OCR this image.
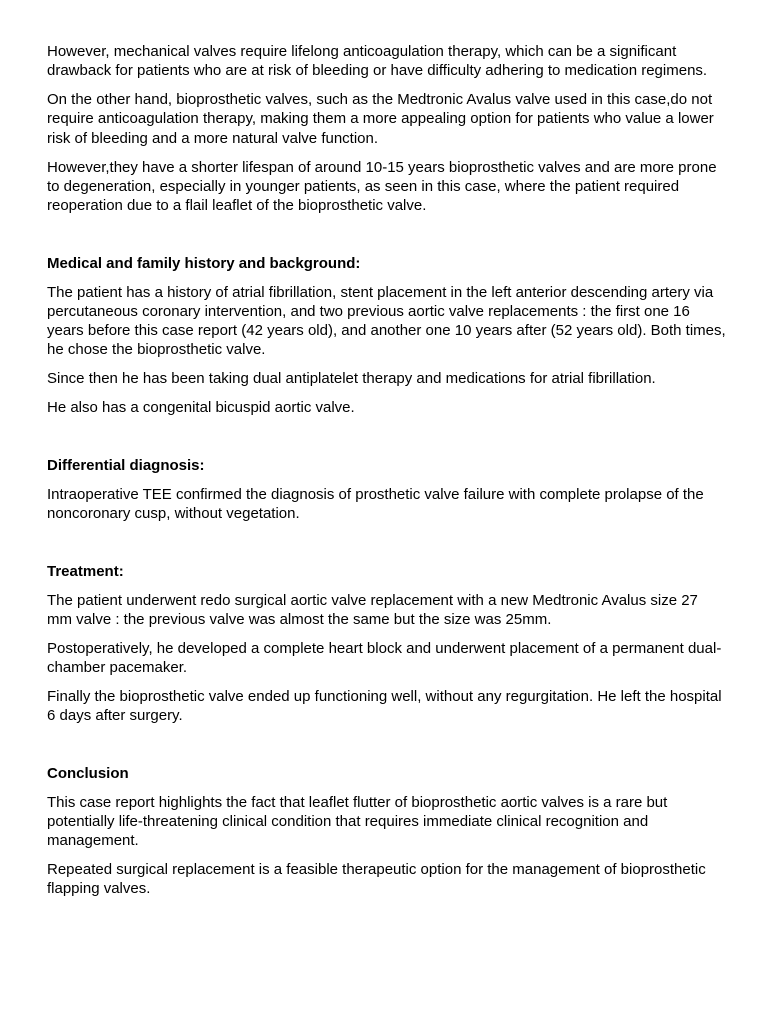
However, mechanical valves require lifelong anticoagulation therapy, which can be a significant drawback for patients who are at risk of bleeding or have difficulty adhering to medication regimens.

On the other hand, bioprosthetic valves, such as the Medtronic Avalus valve used in this case,do not require anticoagulation therapy, making them a more appealing option for patients who value a lower risk of bleeding and a more natural valve function.

However,they have a shorter lifespan of around 10-15 years bioprosthetic valves and are more prone to degeneration, especially in younger patients, as seen in this case, where the patient required reoperation due to a flail leaflet of the bioprosthetic valve.

Medical and family history and background:

The patient has a history of atrial fibrillation, stent placement in the left anterior descending artery via percutaneous coronary intervention, and two previous aortic valve replacements : the first one 16 years before this case report (42 years old), and another one 10 years after (52 years old). Both times, he chose the bioprosthetic valve.

Since then he has been taking dual antiplatelet therapy and medications for atrial fibrillation.

He also has a congenital bicuspid aortic valve.

Differential diagnosis:

Intraoperative TEE confirmed the diagnosis of prosthetic valve failure with complete prolapse of the noncoronary cusp, without vegetation.

Treatment:

The patient underwent redo surgical aortic valve replacement with a new Medtronic Avalus size 27 mm valve : the previous valve was almost the same but the size was 25mm.

Postoperatively, he developed a complete heart block and underwent placement of a permanent dual-chamber pacemaker.

Finally the bioprosthetic valve ended up functioning well, without any regurgitation. He left the hospital 6 days after surgery.

Conclusion

This case report highlights the fact that leaflet flutter of bioprosthetic aortic valves is a rare but potentially life-threatening clinical condition that requires immediate clinical recognition and management.

Repeated surgical replacement is a feasible therapeutic option for the management of bioprosthetic flapping valves.
